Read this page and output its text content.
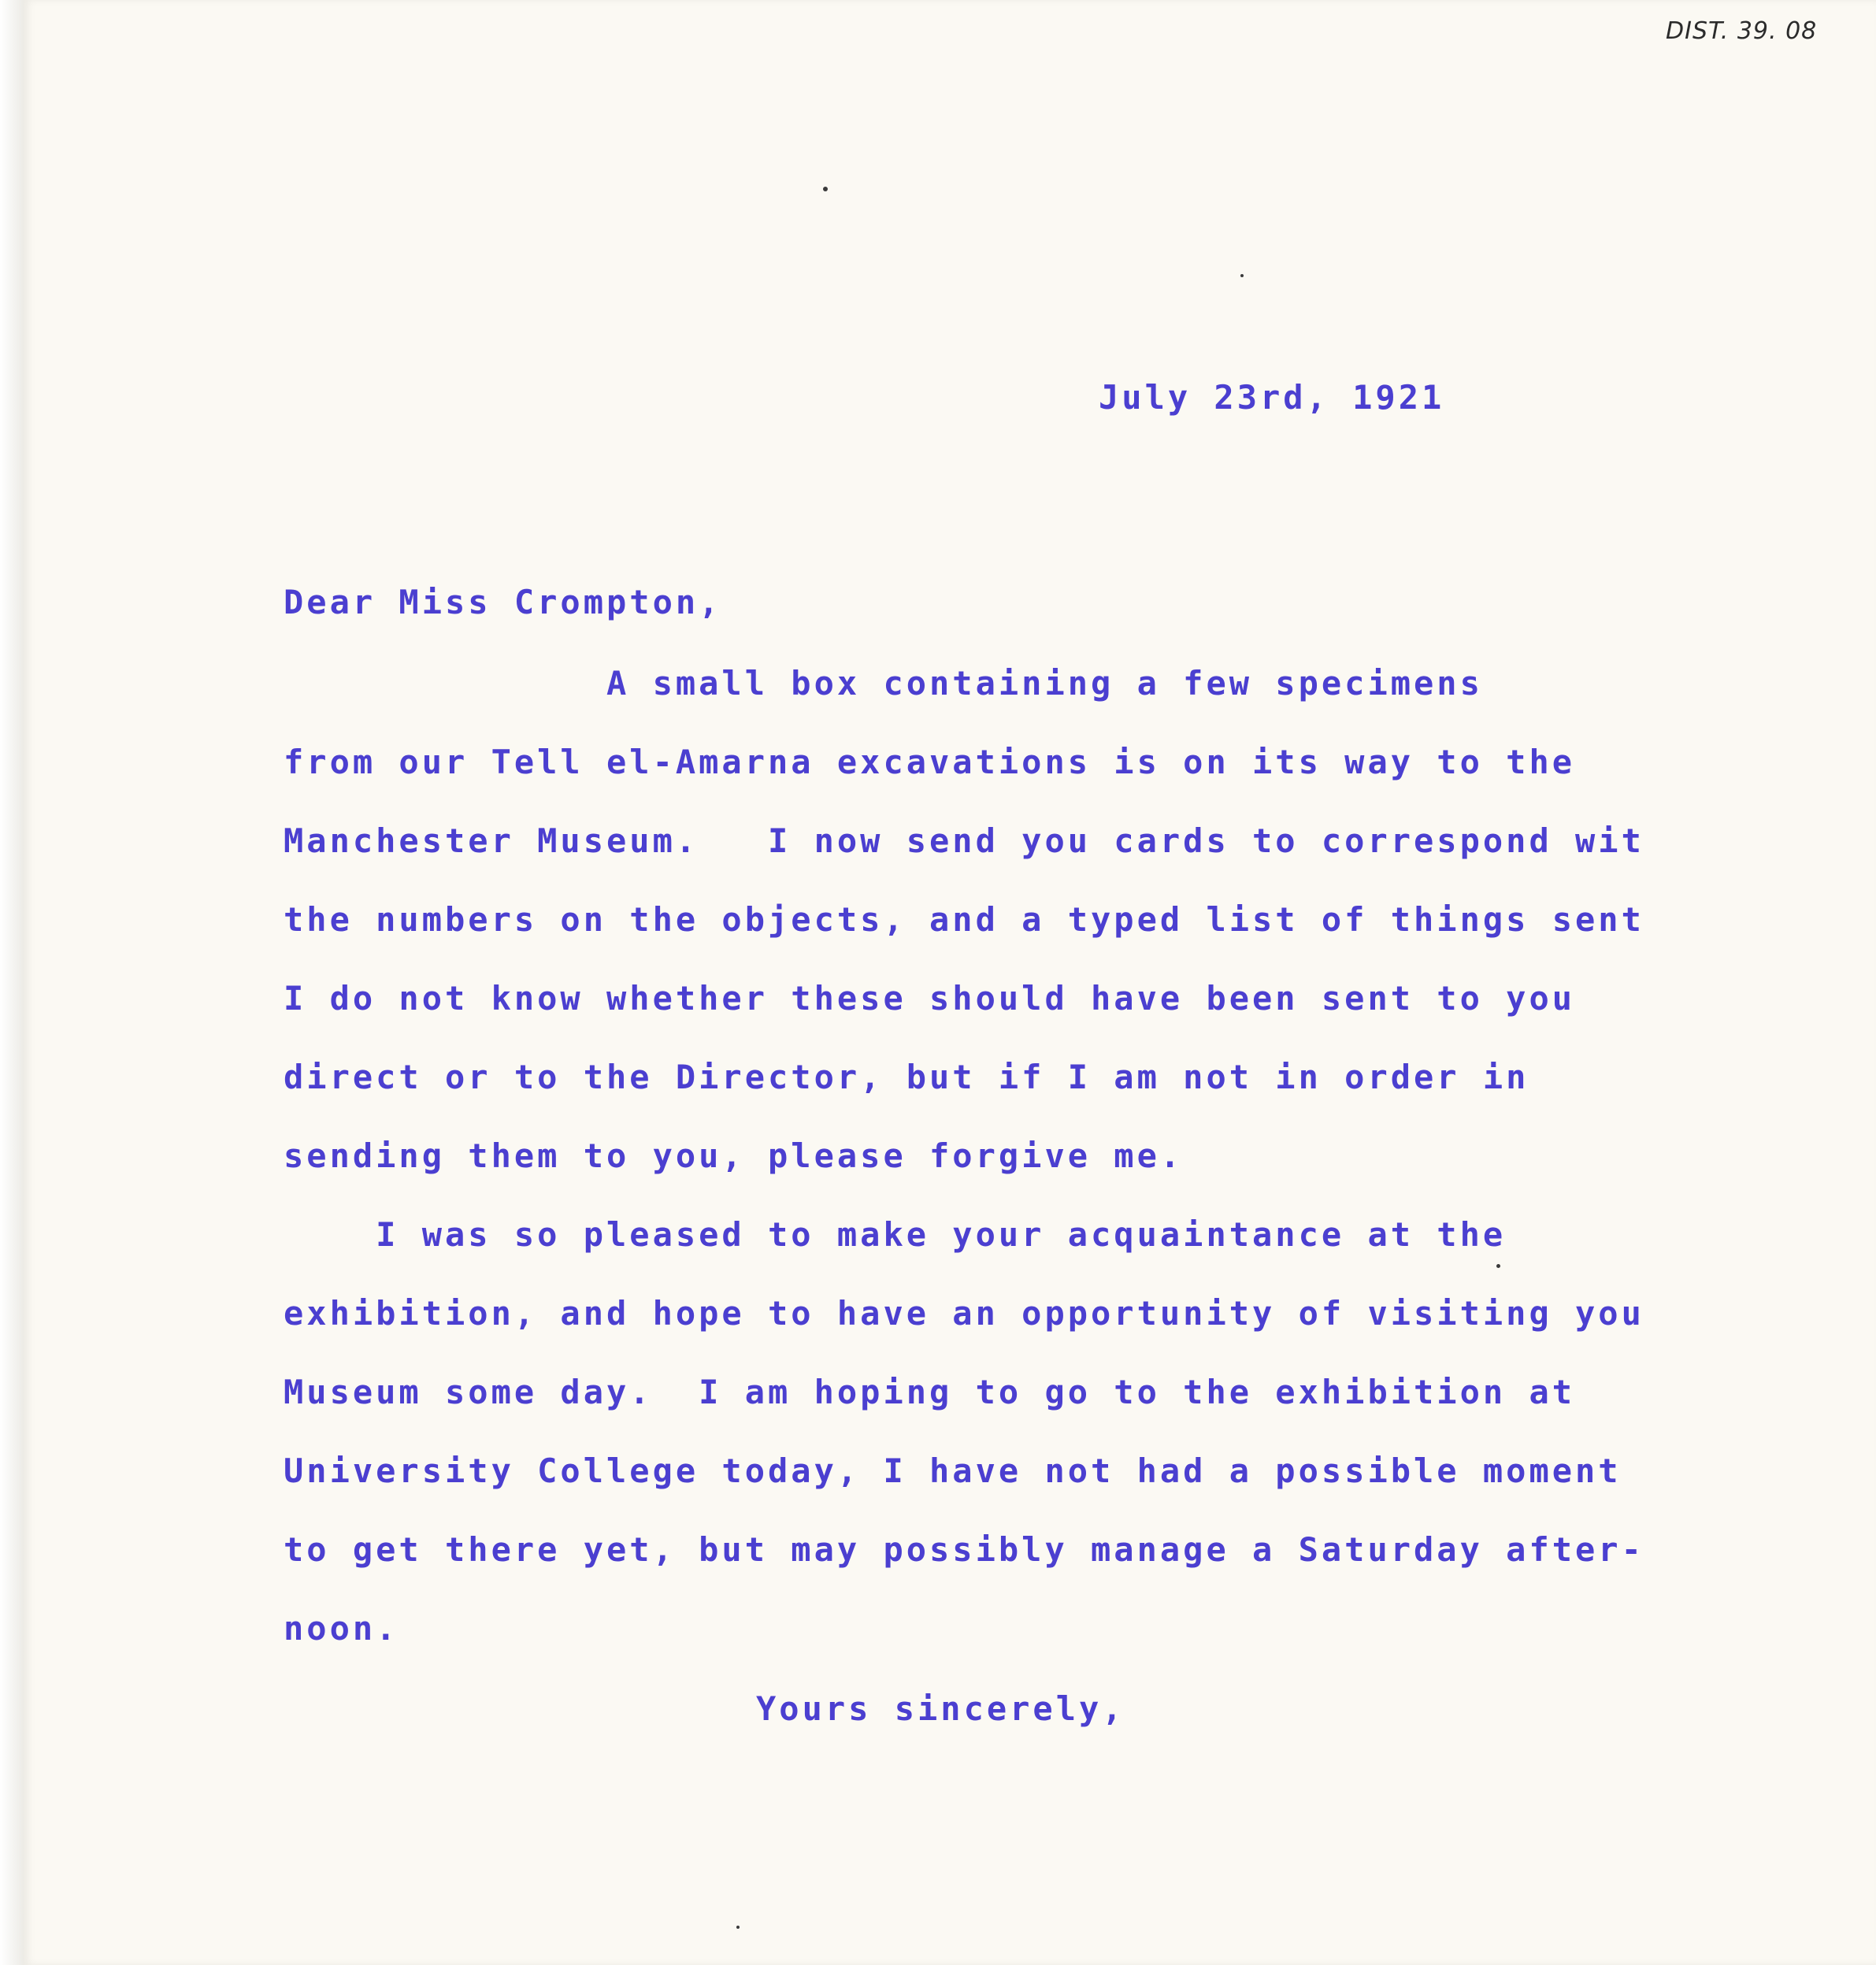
DIST. 39. 08
July 23rd, 1921
Dear Miss Crompton,
A small box containing a few specimens
from our Tell el-Amarna excavations is on its way to the
Manchester Museum.   I now send you cards to correspond wit
the numbers on the objects, and a typed list of things sent
I do not know whether these should have been sent to you
direct or to the Director, but if I am not in order in
sending them to you, please forgive me.
I was so pleased to make your acquaintance at the
exhibition, and hope to have an opportunity of visiting you
Museum some day.  I am hoping to go to the exhibition at
University College today, I have not had a possible moment
to get there yet, but may possibly manage a Saturday after-
noon.
Yours sincerely,
